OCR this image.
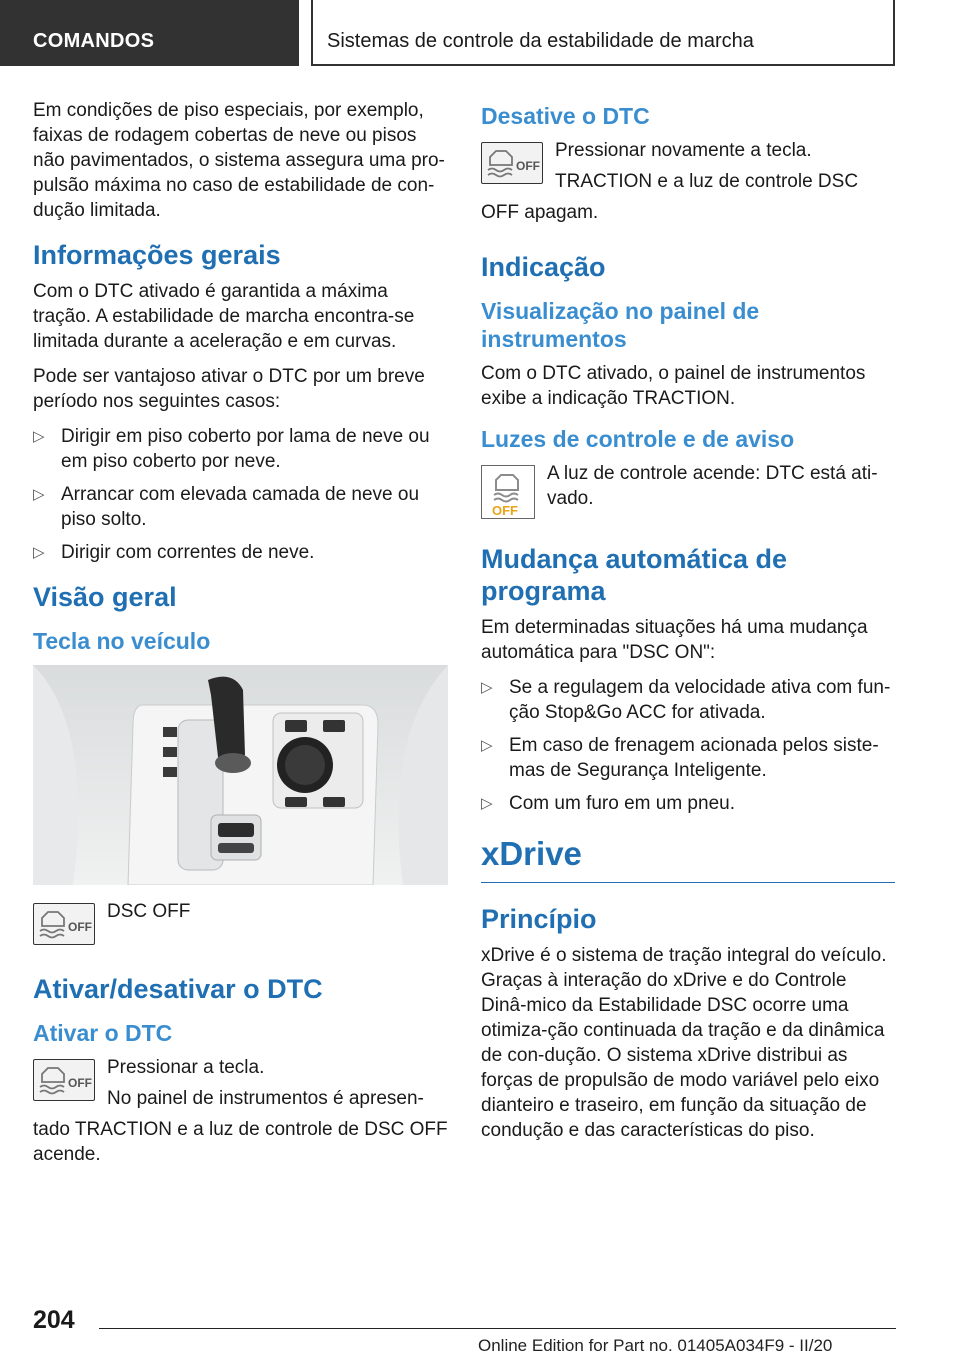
COMANDOS	Sistemas de controle da estabilidade de marcha

Em condições de piso especiais, por exemplo, faixas de rodagem cobertas de neve ou pisos não pavimentados, o sistema assegura uma pro‐pulsão máxima no caso de estabilidade de con‐dução limitada.

Informações gerais

Com o DTC ativado é garantida a máxima tração. A estabilidade de marcha encontra-se limitada durante a aceleração e em curvas.

Pode ser vantajoso ativar o DTC por um breve período nos seguintes casos:

▷ Dirigir em piso coberto por lama de neve ou em piso coberto por neve.
▷ Arrancar com elevada camada de neve ou piso solto.
▷ Dirigir com correntes de neve.
Visão geral
Tecla no veículo
OFF

DSC OFF

Ativar/desativar o DTC
Ativar o DTC
OFF

Pressionar a tecla.

No painel de instrumentos é apresen‐

tado TRACTION e a luz de controle de DSC OFF acende.

Desative o DTC
OFF

Pressionar novamente a tecla.

TRACTION e a luz de controle DSC

OFF apagam.

Indicação
Visualização no painel de instrumentos

Com o DTC ativado, o painel de instrumentos exibe a indicação TRACTION.

Luzes de controle e de aviso
OFF

A luz de controle acende: DTC está ati‐vado.

Mudança automática de programa

Em determinadas situações há uma mudança automática para "DSC ON":

▷ Se a regulagem da velocidade ativa com fun‐ção Stop&Go ACC for ativada.
▷ Em caso de frenagem acionada pelos siste‐mas de Segurança Inteligente.
▷ Com um furo em um pneu.
xDrive
Princípio

xDrive é o sistema de tração integral do veículo. Graças à interação do xDrive e do Controle Dinâ‐mico da Estabilidade DSC ocorre uma otimiza‐ção continuada da tração e da dinâmica de con‐dução. O sistema xDrive distribui as forças de propulsão de modo variável pelo eixo dianteiro e traseiro, em função da situação de condução e das características do piso.

204
Online Edition for Part no. 01405A034F9 - II/20
